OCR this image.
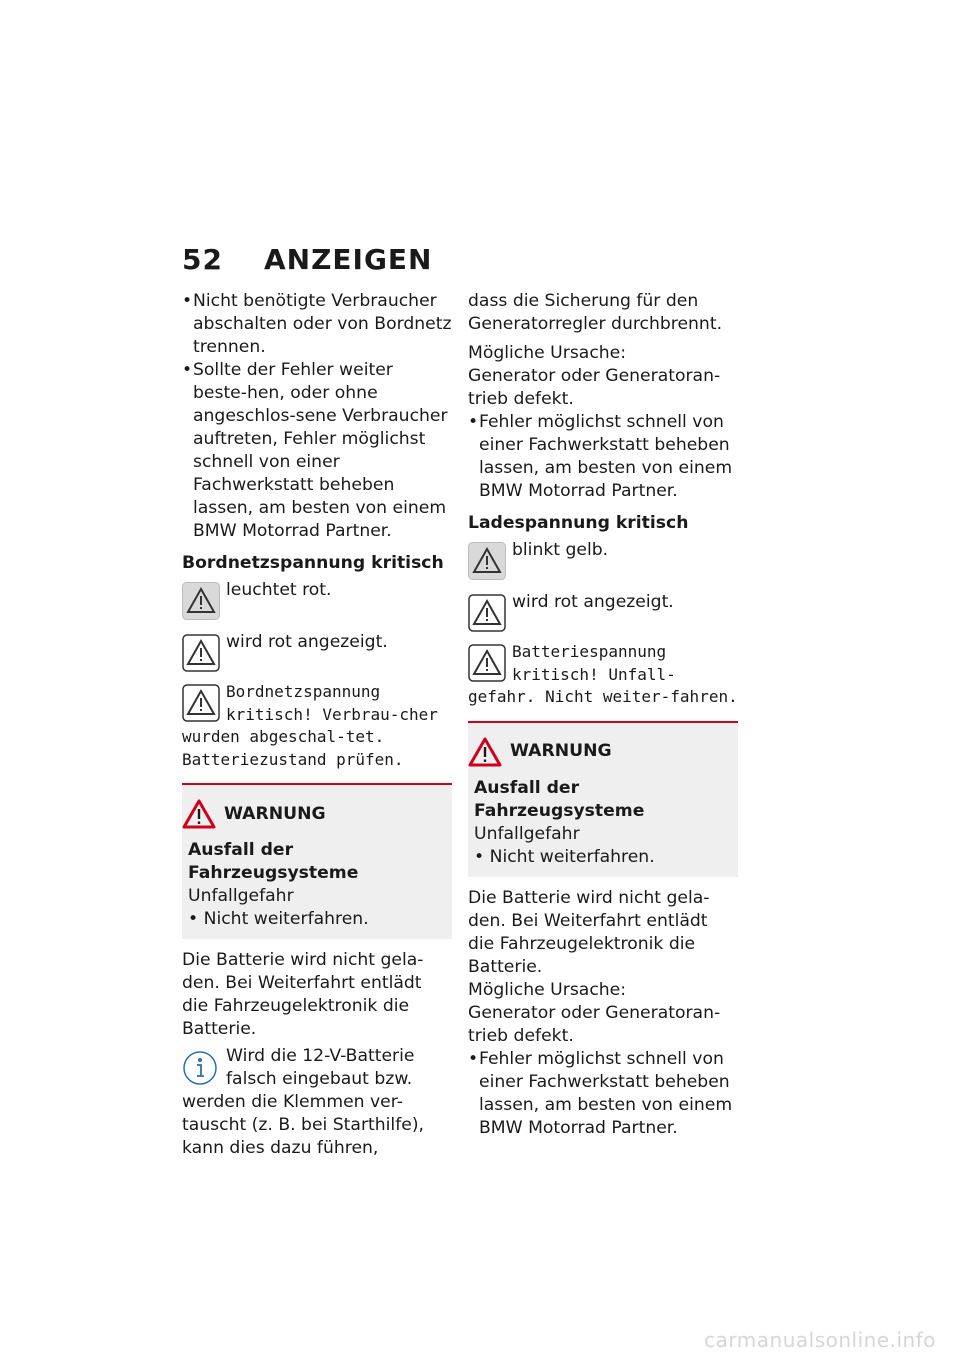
52 ANZEIGEN

• Nicht benötigte Verbraucher abschalten oder von Bordnetz trennen.

• Sollte der Fehler weiter beste-hen, oder ohne angeschlos-sene Verbraucher auftreten, Fehler möglichst schnell von einer Fachwerkstatt beheben lassen, am besten von einem BMW Motorrad Partner.

Bordnetzspannung kritisch

leuchtet rot.
wird rot angezeigt.
Bordnetzspannung kritisch! Verbrau-cher wurden abgeschal-tet. Batteriezustand prüfen.
WARNUNG

Ausfall der Fahrzeugsysteme

Unfallgefahr

• Nicht weiterfahren.

Die Batterie wird nicht gela-den. Bei Weiterfahrt entlädt die Fahrzeugelektronik die Batterie.

Wird die 12-V-Batterie falsch eingebaut bzw. werden die Klemmen ver-tauscht (z. B. bei Starthilfe), kann dies dazu führen,

dass die Sicherung für den Generatorregler durchbrennt.

Mögliche Ursache:

Generator oder Generatoran-trieb defekt.

• Fehler möglichst schnell von einer Fachwerkstatt beheben lassen, am besten von einem BMW Motorrad Partner.

Ladespannung kritisch

blinkt gelb.
wird rot angezeigt.
Batteriespannung kritisch! Unfall-gefahr. Nicht weiter-fahren.
WARNUNG

Ausfall der Fahrzeugsysteme

Unfallgefahr

• Nicht weiterfahren.

Die Batterie wird nicht gela-den. Bei Weiterfahrt entlädt die Fahrzeugelektronik die Batterie.

Mögliche Ursache:

Generator oder Generatoran-trieb defekt.

• Fehler möglichst schnell von einer Fachwerkstatt beheben lassen, am besten von einem BMW Motorrad Partner.

carmanualsonline.info
